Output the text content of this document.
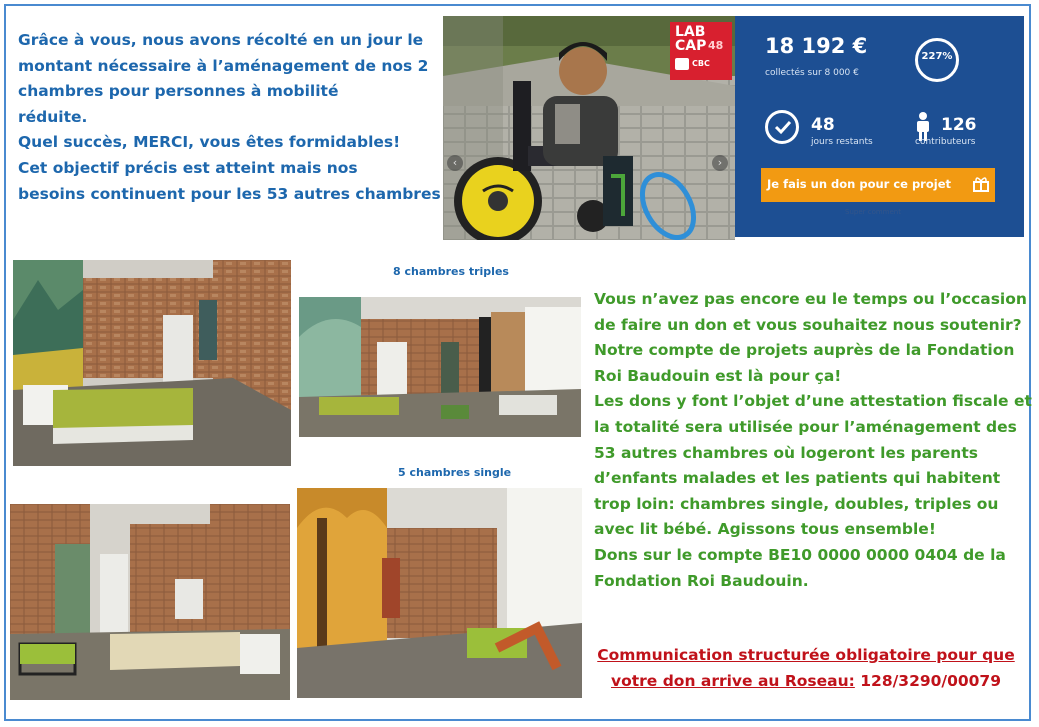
Grâce à vous, nous avons récolté en un jour le
montant nécessaire à l’aménagement de nos 2
chambres pour personnes à mobilité
réduite.
Quel succès, MERCI, vous êtes formidables!
Cet objectif précis est atteint mais nos
besoins continuent pour les 53 autres chambres
‹	›
LAB
CAP 48
CBC
18 192 €
collectés sur 8 000 €
227%
48
jours restants
126
contributeurs
Je fais un don pour ce projet
Super comment
8 chambres triples
5 chambres single
Vous n’avez pas encore eu le temps ou l’occasion
de faire un don et vous souhaitez nous soutenir?
Notre compte de projets auprès de la Fondation
Roi Baudouin est là pour ça!
Les dons y font l’objet d’une attestation fiscale et
la totalité sera utilisée pour l’aménagement des
53 autres chambres où logeront les parents
d’enfants malades et les patients qui habitent
trop loin: chambres single, doubles, triples ou
avec lit bébé. Agissons tous ensemble!
Dons sur le compte BE10 0000 0000 0404 de la
Fondation Roi Baudouin.
Communication structurée obligatoire pour que
votre don arrive au Roseau: 128/3290/00079
